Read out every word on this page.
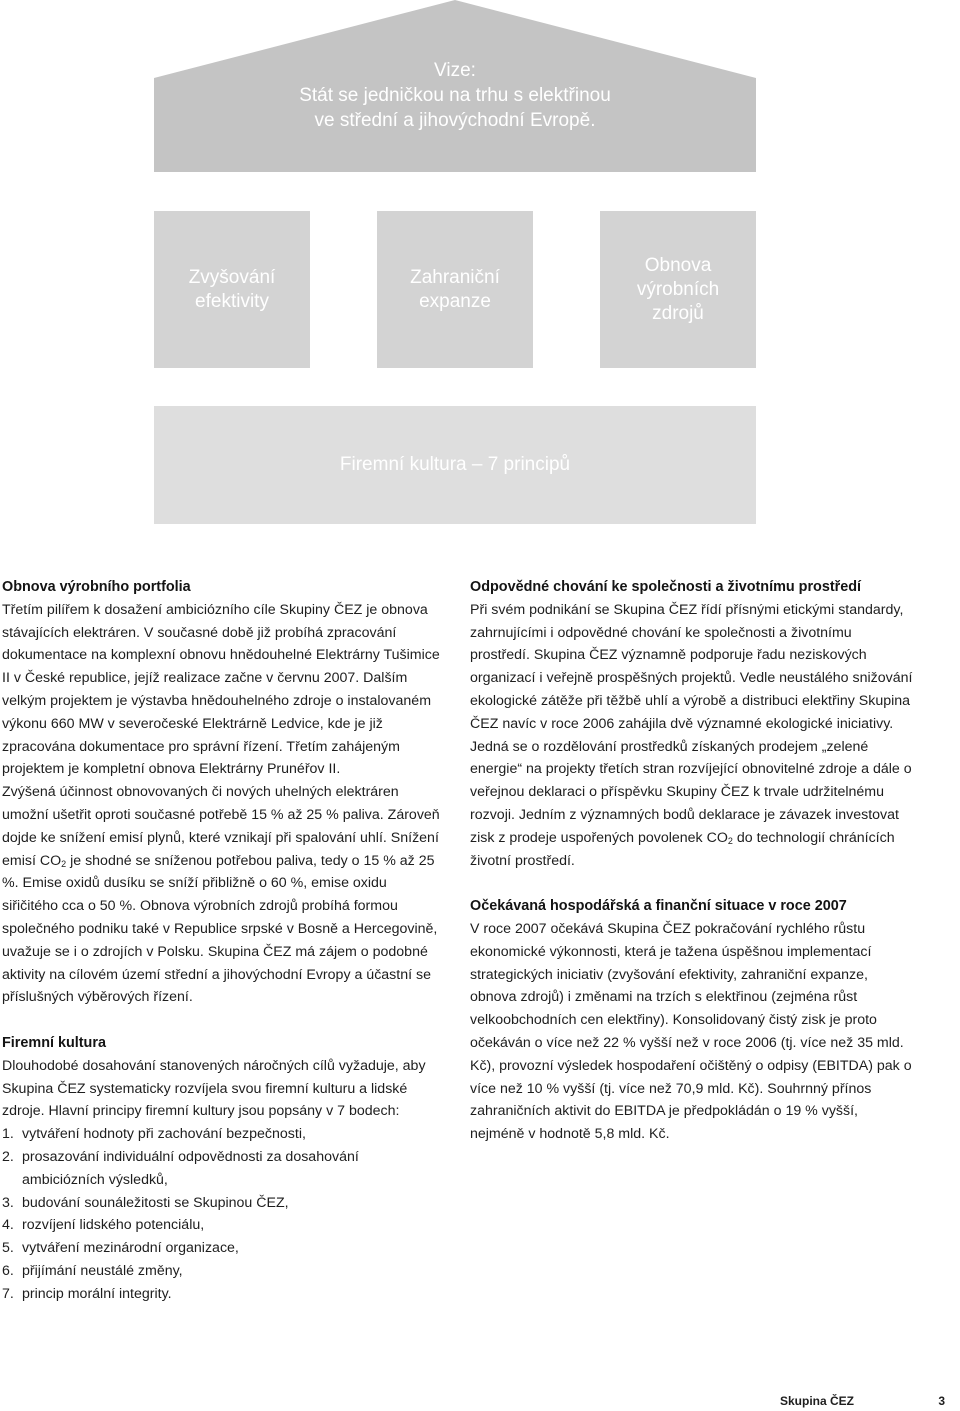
Vize:
Stát se jedničkou na trhu s elektřinou
ve střední a jihovýchodní Evropě.
Zvyšování
efektivity
Zahraniční
expanze
Obnova
výrobních
zdrojů
Firemní kultura – 7 principů
Obnova výrobního portfolia

Třetím pilířem k dosažení ambiciózního cíle Skupiny ČEZ je obnova stávajících elektráren. V současné době již probíhá zpracování dokumentace na komplexní obnovu hnědouhelné Elektrárny Tušimice II v České republice, jejíž realizace začne v červnu 2007. Dalším velkým projektem je výstavba hnědouhelného zdroje o instalovaném výkonu 660 MW v severočeské Elektrárně Ledvice, kde je již zpracována dokumentace pro správní řízení. Třetím zahájeným projektem je kompletní obnova Elektrárny Prunéřov II.

Zvýšená účinnost obnovovaných či nových uhelných elektráren umožní ušetřit oproti současné potřebě 15 % až 25 % paliva. Zároveň dojde ke snížení emisí plynů, které vznikají při spalování uhlí. Snížení emisí $CO_2$ je shodné se sníženou potřebou paliva, tedy o 15 % až 25 %. Emise oxidů dusíku se sníží přibližně o 60 %, emise oxidu siřičitého cca o 50 %. Obnova výrobních zdrojů probíhá formou společného podniku také v Republice srpské v Bosně a Hercegovině, uvažuje se i o zdrojích v Polsku. Skupina ČEZ má zájem o podobné aktivity na cílovém území střední a jihovýchodní Evropy a účastní se příslušných výběrových řízení.

Firemní kultura

Dlouhodobé dosahování stanovených náročných cílů vyžaduje, aby Skupina ČEZ systematicky rozvíjela svou firemní kulturu a lidské zdroje. Hlavní principy firemní kultury jsou popsány v 7 bodech:

1. vytváření hodnoty při zachování bezpečnosti,
2. prosazování individuální odpovědnosti za dosahování ambiciózních výsledků,
3. budování sounáležitosti se Skupinou ČEZ,
4. rozvíjení lidského potenciálu,
5. vytváření mezinárodní organizace,
6. přijímání neustálé změny,
7. princip morální integrity.
Odpovědné chování ke společnosti a životnímu prostředí

Při svém podnikání se Skupina ČEZ řídí přísnými etickými standardy, zahrnujícími i odpovědné chování ke společnosti a životnímu prostředí. Skupina ČEZ významně podporuje řadu neziskových organizací i veřejně prospěšných projektů. Vedle neustálého snižování ekologické zátěže při těžbě uhlí a výrobě a distribuci elektřiny Skupina ČEZ navíc v roce 2006 zahájila dvě významné ekologické iniciativy. Jedná se o rozdělování prostředků získaných prodejem „zelené energie“ na projekty třetích stran rozvíjející obnovitelné zdroje a dále o veřejnou deklaraci o příspěvku Skupiny ČEZ k trvale udržitelnému rozvoji. Jedním z významných bodů deklarace je závazek investovat zisk z prodeje uspořených povolenek $CO_2$ do technologií chránících životní prostředí.

Očekávaná hospodářská a finanční situace v roce 2007

V roce 2007 očekává Skupina ČEZ pokračování rychlého růstu ekonomické výkonnosti, která je tažena úspěšnou implementací strategických iniciativ (zvyšování efektivity, zahraniční expanze, obnova zdrojů) i změnami na trzích s elektřinou (zejména růst velkoobchodních cen elektřiny). Konsolidovaný čistý zisk je proto očekáván o více než 22 % vyšší než v roce 2006 (tj. více než 35 mld. Kč), provozní výsledek hospodaření očištěný o odpisy (EBITDA) pak o více než 10 % vyšší (tj. více než 70,9 mld. Kč). Souhrnný přínos zahraničních aktivit do EBITDA je předpokládán o 19 % vyšší, nejméně v hodnotě 5,8 mld. Kč.

Skupina ČEZ	3
